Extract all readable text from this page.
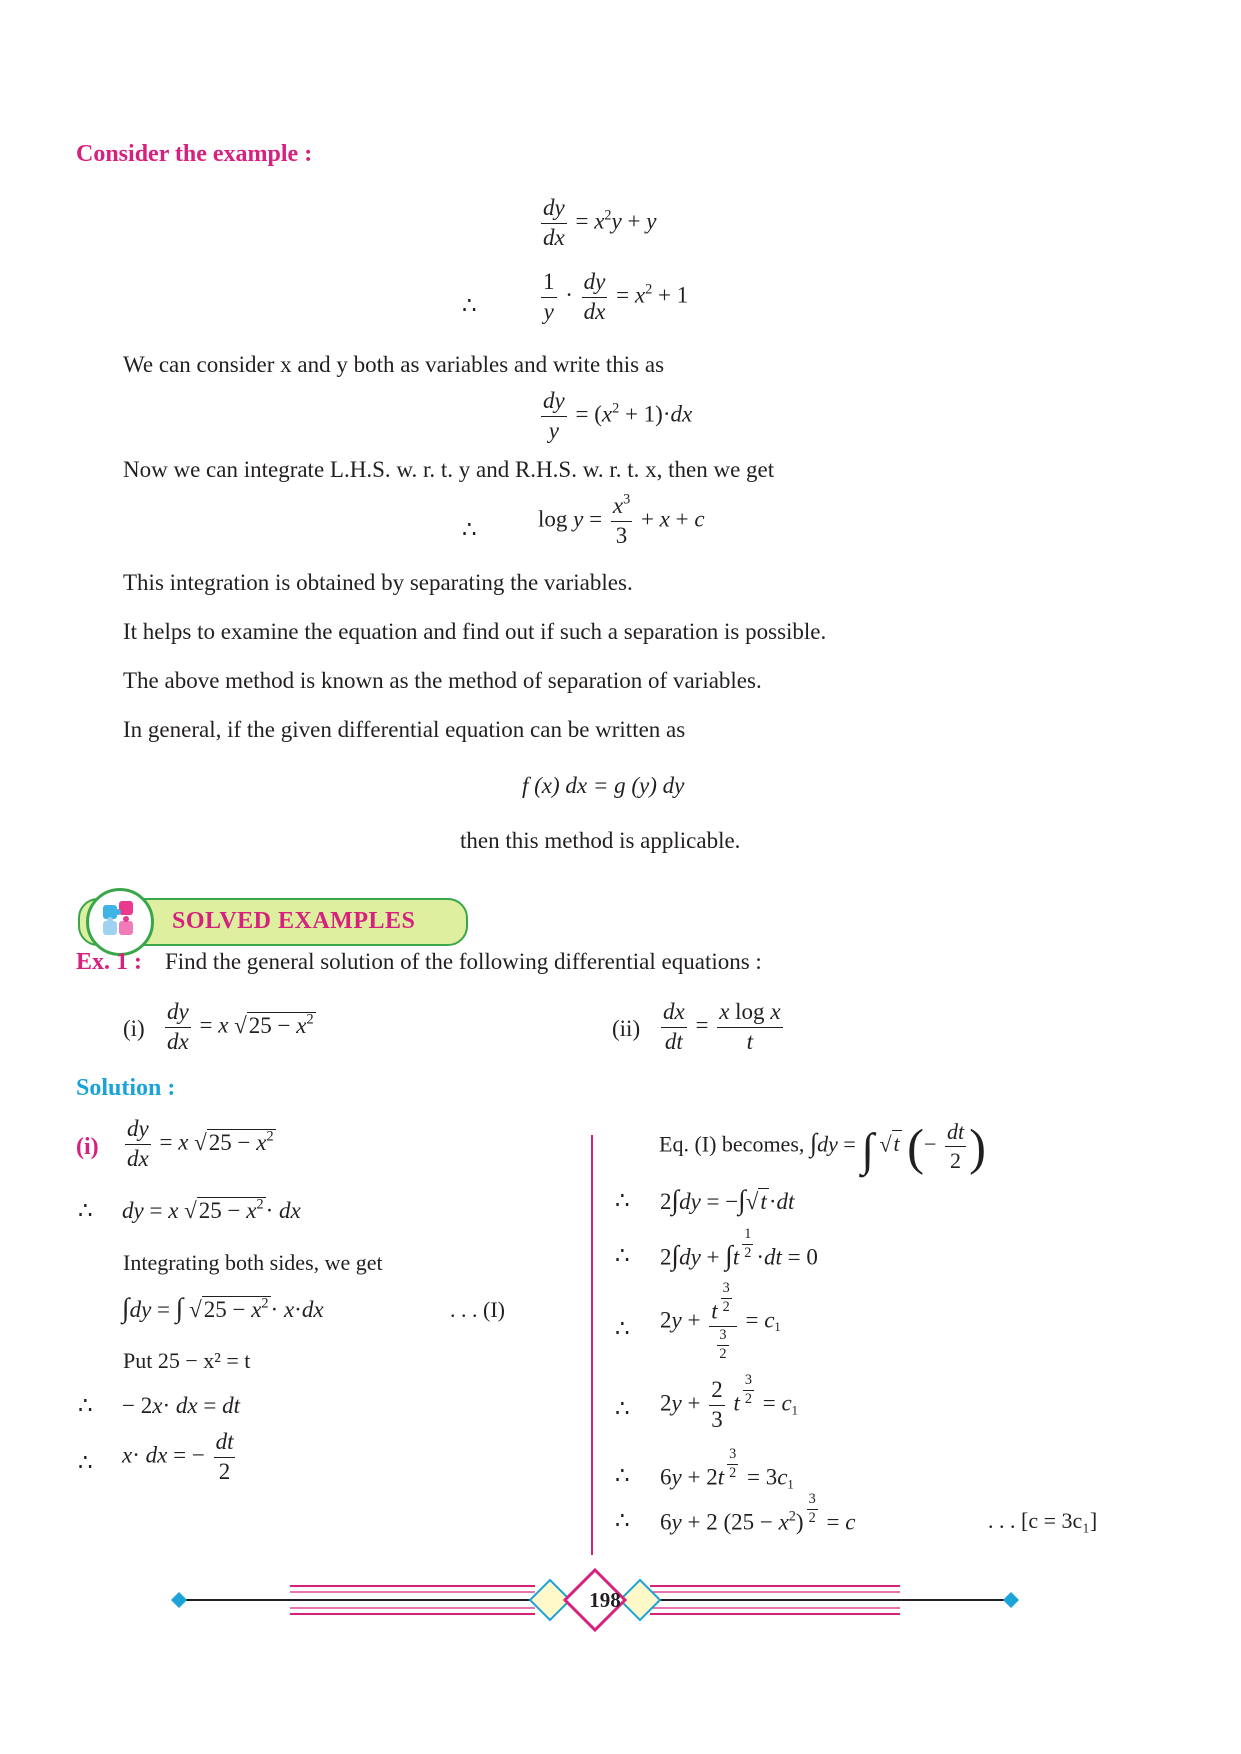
Consider the example :
$\frac{dy}{dx} = x^2y + y$
∴	$\frac{1}{y} \cdot \frac{dy}{dx} = x^2 + 1$
We can consider x and y both as variables and write this as
$\frac{dy}{y} = (x^2 + 1)\cdot dx$
Now we can integrate L.H.S. w. r. t. y and R.H.S. w. r. t. x, then we get
∴	$\log y = \frac{x^3}{3} + x + c$
This integration is obtained by separating the variables.
It helps to examine the equation and find out if such a separation is possible.
The above method is known as the method of separation of variables.
In general, if the given differential equation can be written as
f (x) dx = g (y) dy
then this method is applicable.
SOLVED EXAMPLES
Ex. 1 : Find the general solution of the following differential equations :
$(i) \frac{dy}{dx} = x$ $√25 - x^2$	$(ii) \frac{dx}{dt} = \frac{\text{x log x}}{t}$
Solution :
$(i) \frac{dy}{dx} = x$ $√25 - x^2$
∴ dy = x $√25 - x^2\cdot$ dx
Integrating both sides, we get
∫dy = ∫ $√25 - x^2\cdot x\cdot dx$	. . . (I)
Put 25 − x² = t
∴ − 2x· dx = dt
∴ x· dx = − $\frac{dt}{2}$
Eq. (I) becomes, ∫dy = ∫ √t (− $\frac{dt}{2}$ )
∴ 2∫dy = −∫√t·dt
∴ $2\int dy + \int t \frac{1}{2} \cdot dt = 0$
∴ $2y + \frac{t \frac{3}{2}}{\frac{3}{2}} = c_1$
∴ $2y + \frac{2}{3}$ t $\frac{3}{2} = c_1$
∴ $6y + 2t \frac{3}{2} = 3c_1$
∴ 6y + 2 $(25 - x^2) \frac{3}{2} = c$	. . . [c = 3c₁]
198
